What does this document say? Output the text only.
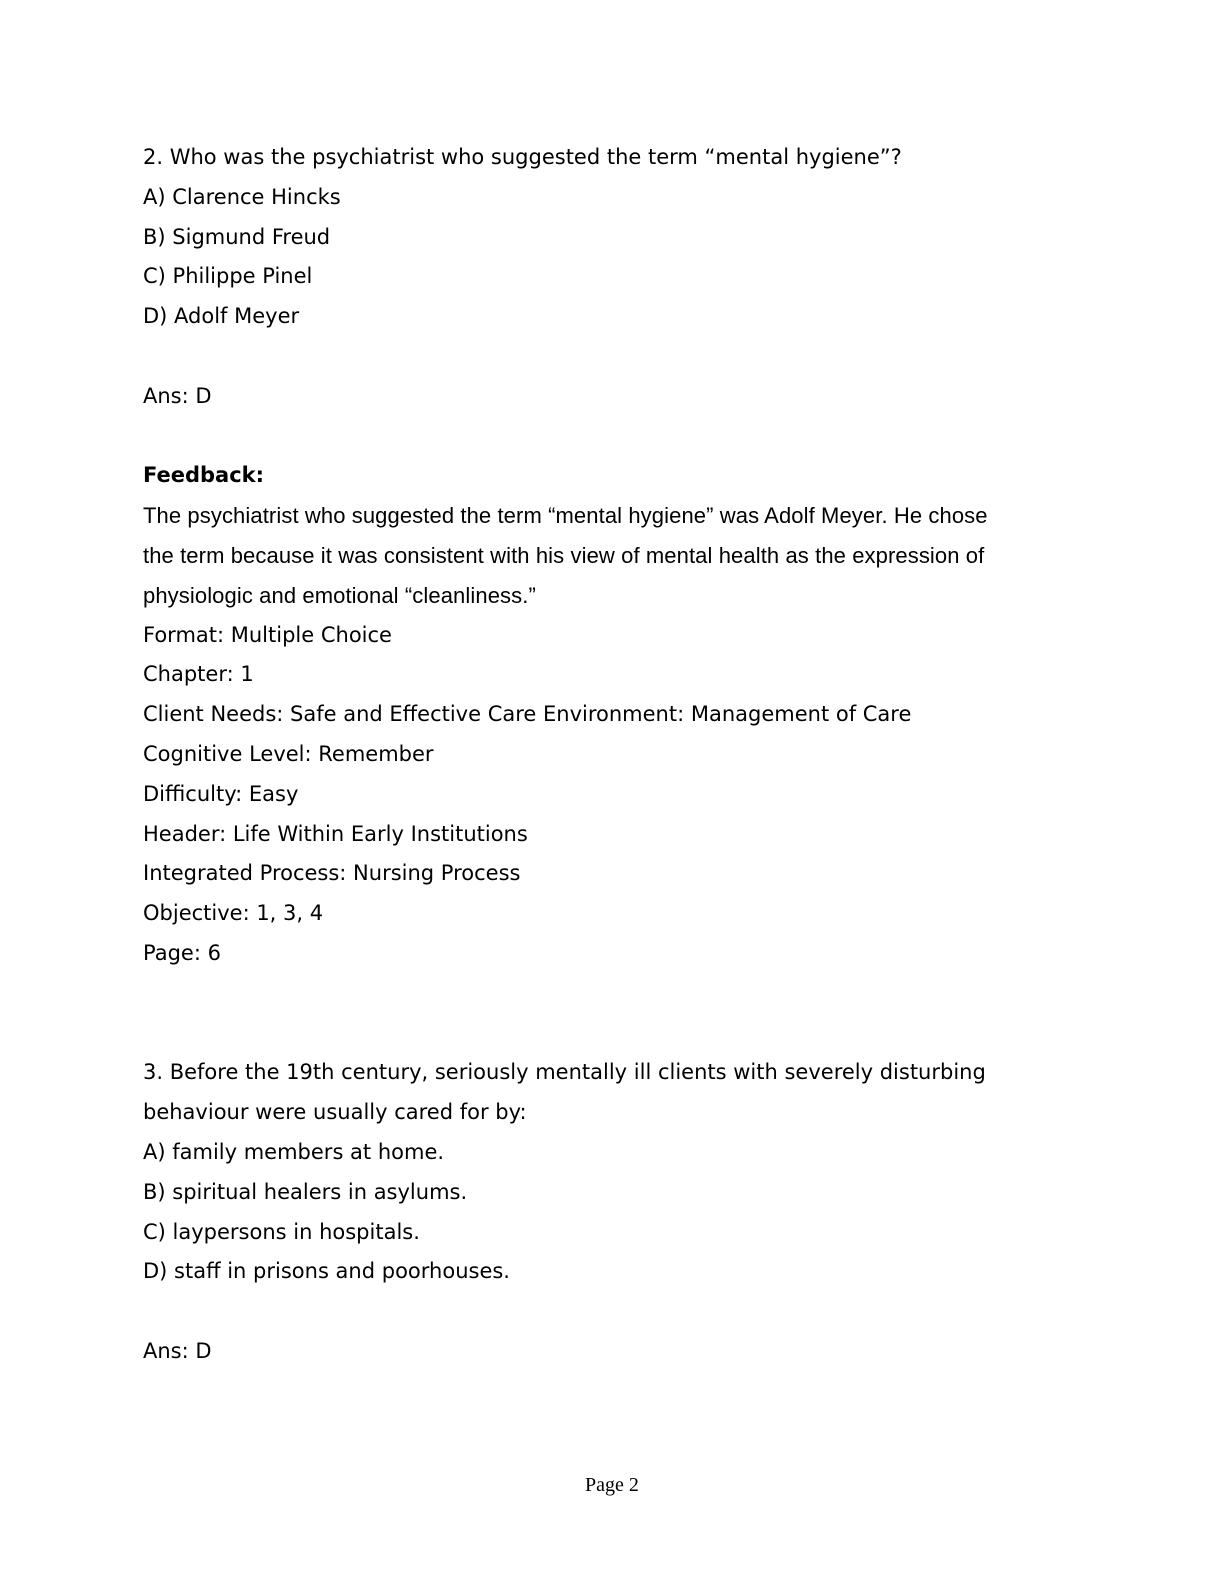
2. Who was the psychiatrist who suggested the term “mental hygiene”?

A) Clarence Hincks

B) Sigmund Freud

C) Philippe Pinel

D) Adolf Meyer

Ans: D

Feedback:

The psychiatrist who suggested the term “mental hygiene” was Adolf Meyer. He chose

the term because it was consistent with his view of mental health as the expression of

physiologic and emotional “cleanliness.”

Format: Multiple Choice

Chapter: 1

Client Needs: Safe and Effective Care Environment: Management of Care

Cognitive Level: Remember

Difficulty: Easy

Header: Life Within Early Institutions

Integrated Process: Nursing Process

Objective: 1, 3, 4

Page: 6

3. Before the 19th century, seriously mentally ill clients with severely disturbing

behaviour were usually cared for by:

A) family members at home.

B) spiritual healers in asylums.

C) laypersons in hospitals.

D) staff in prisons and poorhouses.

Ans: D

Page 2
